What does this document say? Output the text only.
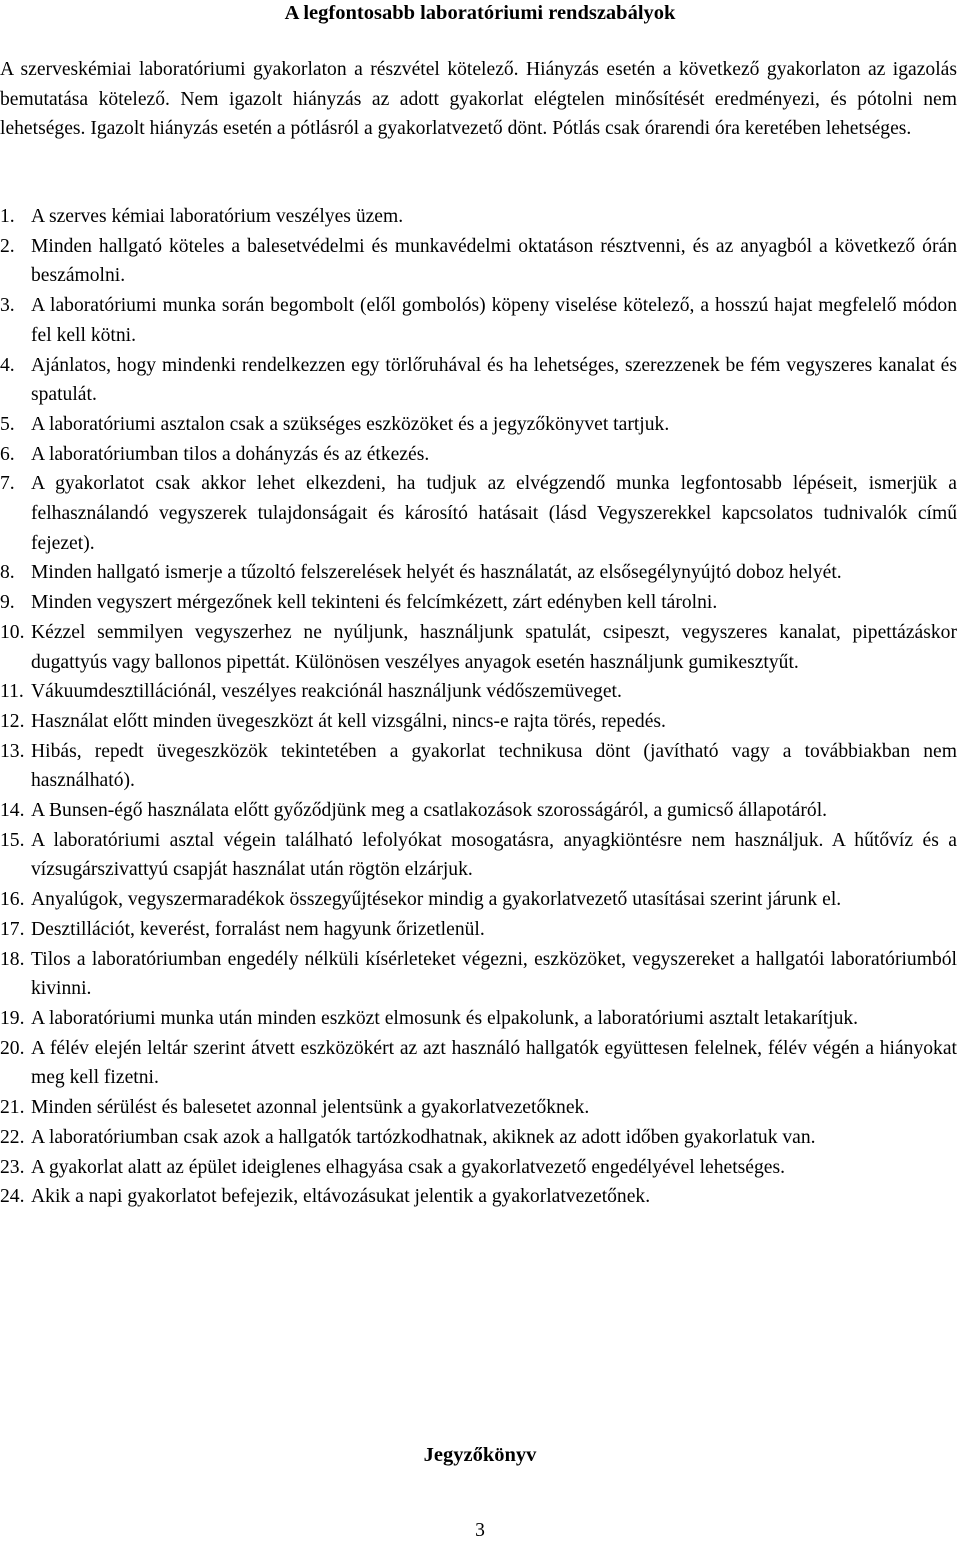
A legfontosabb laboratóriumi rendszabályok

A szerveskémiai laboratóriumi gyakorlaton a részvétel kötelező. Hiányzás esetén a következő gyakorlaton az igazolás bemutatása kötelező. Nem igazolt hiányzás az adott gyakorlat elégtelen minősítését eredményezi, és pótolni nem lehetséges. Igazolt hiányzás esetén a pótlásról a gyakorlatvezető dönt. Pótlás csak órarendi óra keretében lehetséges.

1. A szerves kémiai laboratórium veszélyes üzem.
2. Minden hallgató köteles a balesetvédelmi és munkavédelmi oktatáson résztvenni, és az anyagból a következő órán beszámolni.
3. A laboratóriumi munka során begombolt (elől gombolós) köpeny viselése kötelező, a hosszú hajat megfelelő módon fel kell kötni.
4. Ajánlatos, hogy mindenki rendelkezzen egy törlőruhával és ha lehetséges, szerezzenek be fém vegyszeres kanalat és spatulát.
5. A laboratóriumi asztalon csak a szükséges eszközöket és a jegyzőkönyvet tartjuk.
6. A laboratóriumban tilos a dohányzás és az étkezés.
7. A gyakorlatot csak akkor lehet elkezdeni, ha tudjuk az elvégzendő munka legfontosabb lépéseit, ismerjük a felhasználandó vegyszerek tulajdonságait és károsító hatásait (lásd Vegyszerekkel kapcsolatos tudnivalók című fejezet).
8. Minden hallgató ismerje a tűzoltó felszerelések helyét és használatát, az elsősegélynyújtó doboz helyét.
9. Minden vegyszert mérgezőnek kell tekinteni és felcímkézett, zárt edényben kell tárolni.
10. Kézzel semmilyen vegyszerhez ne nyúljunk, használjunk spatulát, csipeszt, vegyszeres kanalat, pipettázáskor dugattyús vagy ballonos pipettát. Különösen veszélyes anyagok esetén használjunk gumikesztyűt.
11. Vákuumdesztillációnál, veszélyes reakciónál használjunk védőszemüveget.
12. Használat előtt minden üvegeszközt át kell vizsgálni, nincs-e rajta törés, repedés.
13. Hibás, repedt üvegeszközök tekintetében a gyakorlat technikusa dönt (javítható vagy a továbbiakban nem használható).
14. A Bunsen-égő használata előtt győződjünk meg a csatlakozások szorosságáról, a gumicső állapotáról.
15. A laboratóriumi asztal végein található lefolyókat mosogatásra, anyagkiöntésre nem használjuk. A hűtővíz és a vízsugárszivattyú csapját használat után rögtön elzárjuk.
16. Anyalúgok, vegyszermaradékok összegyűjtésekor mindig a gyakorlatvezető utasításai szerint járunk el.
17. Desztillációt, keverést, forralást nem hagyunk őrizetlenül.
18. Tilos a laboratóriumban engedély nélküli kísérleteket végezni, eszközöket, vegyszereket a hallgatói laboratóriumból kivinni.
19. A laboratóriumi munka után minden eszközt elmosunk és elpakolunk, a laboratóriumi asztalt letakarítjuk.
20. A félév elején leltár szerint átvett eszközökért az azt használó hallgatók együttesen felelnek, félév végén a hiányokat meg kell fizetni.
21. Minden sérülést és balesetet azonnal jelentsünk a gyakorlatvezetőknek.
22. A laboratóriumban csak azok a hallgatók tartózkodhatnak, akiknek az adott időben gyakorlatuk van.
23. A gyakorlat alatt az épület ideiglenes elhagyása csak a gyakorlatvezető engedélyével lehetséges.
24. Akik a napi gyakorlatot befejezik, eltávozásukat jelentik a gyakorlatvezetőnek.
Jegyzőkönyv
3
